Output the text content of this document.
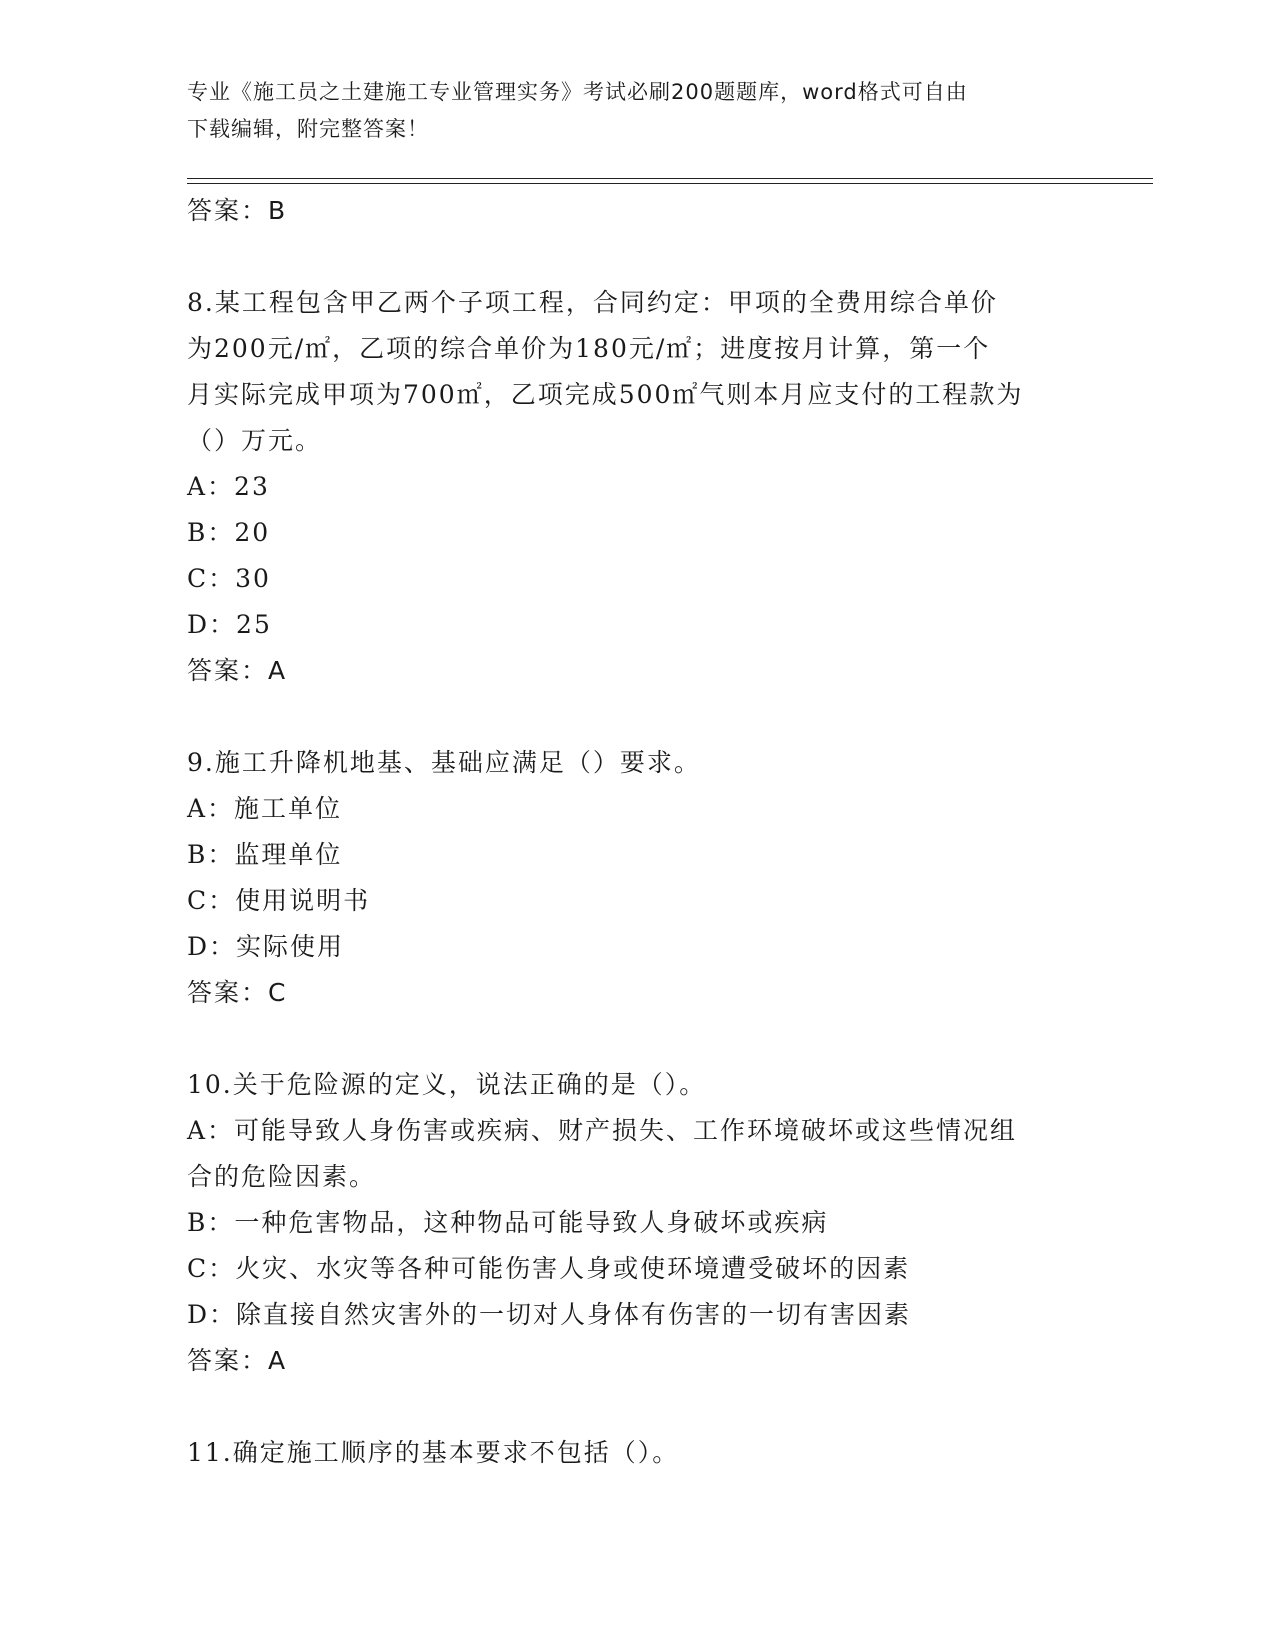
专业《施工员之土建施工专业管理实务》考试必刷200题题库，word格式可自由
下载编辑，附完整答案！
答案：B
8.某工程包含甲乙两个子项工程，合同约定：甲项的全费用综合单价
为200元/㎡，乙项的综合单价为180元/㎡；进度按月计算，第一个
月实际完成甲项为700㎡，乙项完成500㎡气则本月应支付的工程款为
（）万元。
A：23
B：20
C：30
D：25
答案：A
9.施工升降机地基、基础应满足（）要求。
A：施工单位
B：监理单位
C：使用说明书
D：实际使用
答案：C
10.关于危险源的定义，说法正确的是（）。
A：可能导致人身伤害或疾病、财产损失、工作环境破坏或这些情况组
合的危险因素。
B：一种危害物品，这种物品可能导致人身破坏或疾病
C：火灾、水灾等各种可能伤害人身或使环境遭受破坏的因素
D：除直接自然灾害外的一切对人身体有伤害的一切有害因素
答案：A
11.确定施工顺序的基本要求不包括（）。
